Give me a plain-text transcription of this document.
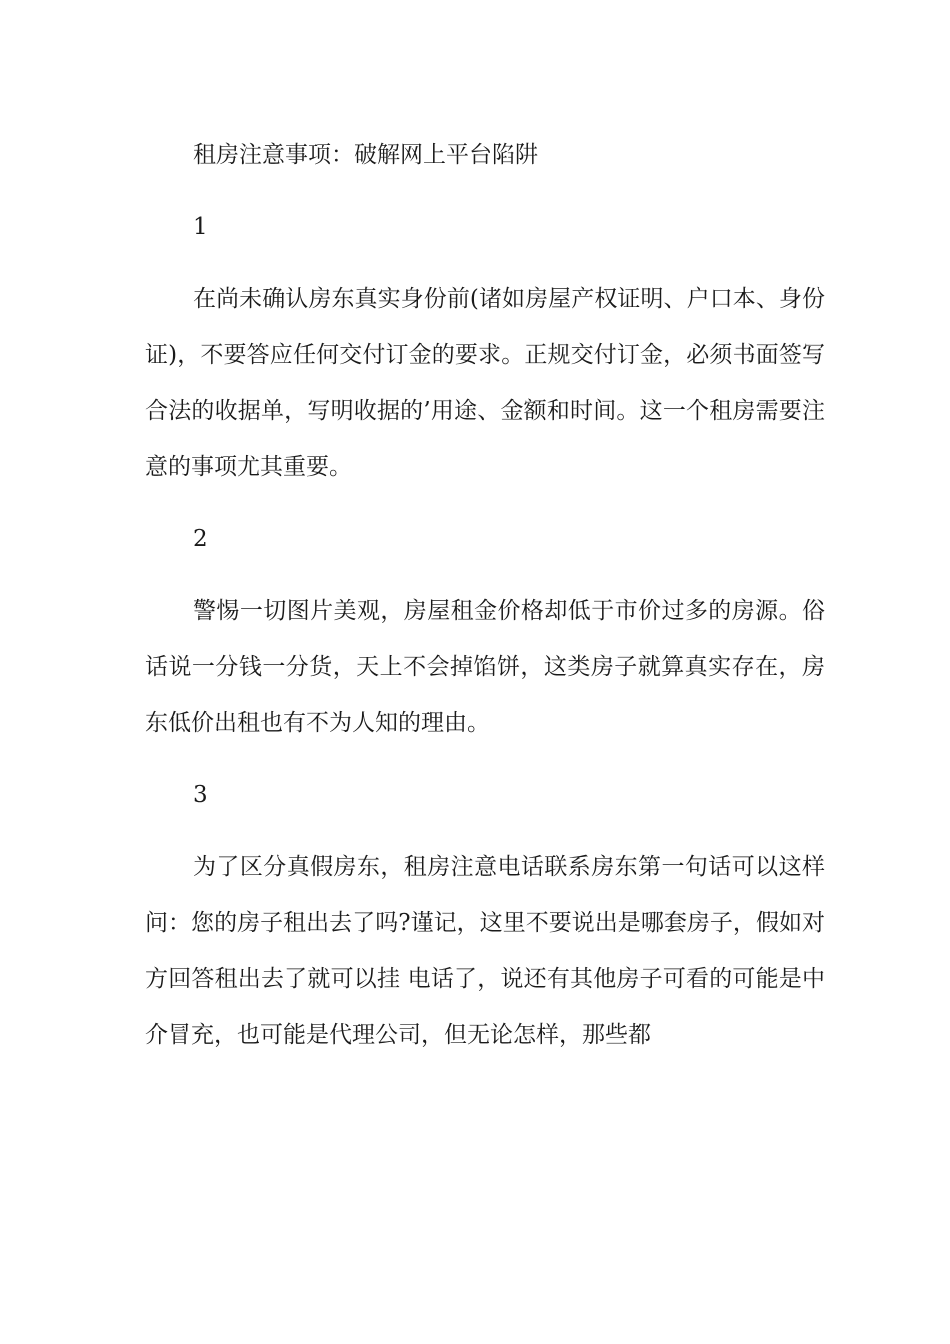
租房注意事项：破解网上平台陷阱

1

在尚未确认房东真实身份前(诸如房屋产权证明、户口本、身份证)，不要答应任何交付订金的要求。正规交付订金，必须书面签写合法的收据单，写明收据的’用途、金额和时间。这一个租房需要注意的事项尤其重要。

2

警惕一切图片美观，房屋租金价格却低于市价过多的房源。俗话说一分钱一分货，天上不会掉馅饼，这类房子就算真实存在，房东低价出租也有不为人知的理由。

3

为了区分真假房东，租房注意电话联系房东第一句话可以这样问：您的房子租出去了吗?谨记，这里不要说出是哪套房子，假如对方回答租出去了就可以挂 电话了，说还有其他房子可看的可能是中介冒充，也可能是代理公司，但无论怎样，那些都
